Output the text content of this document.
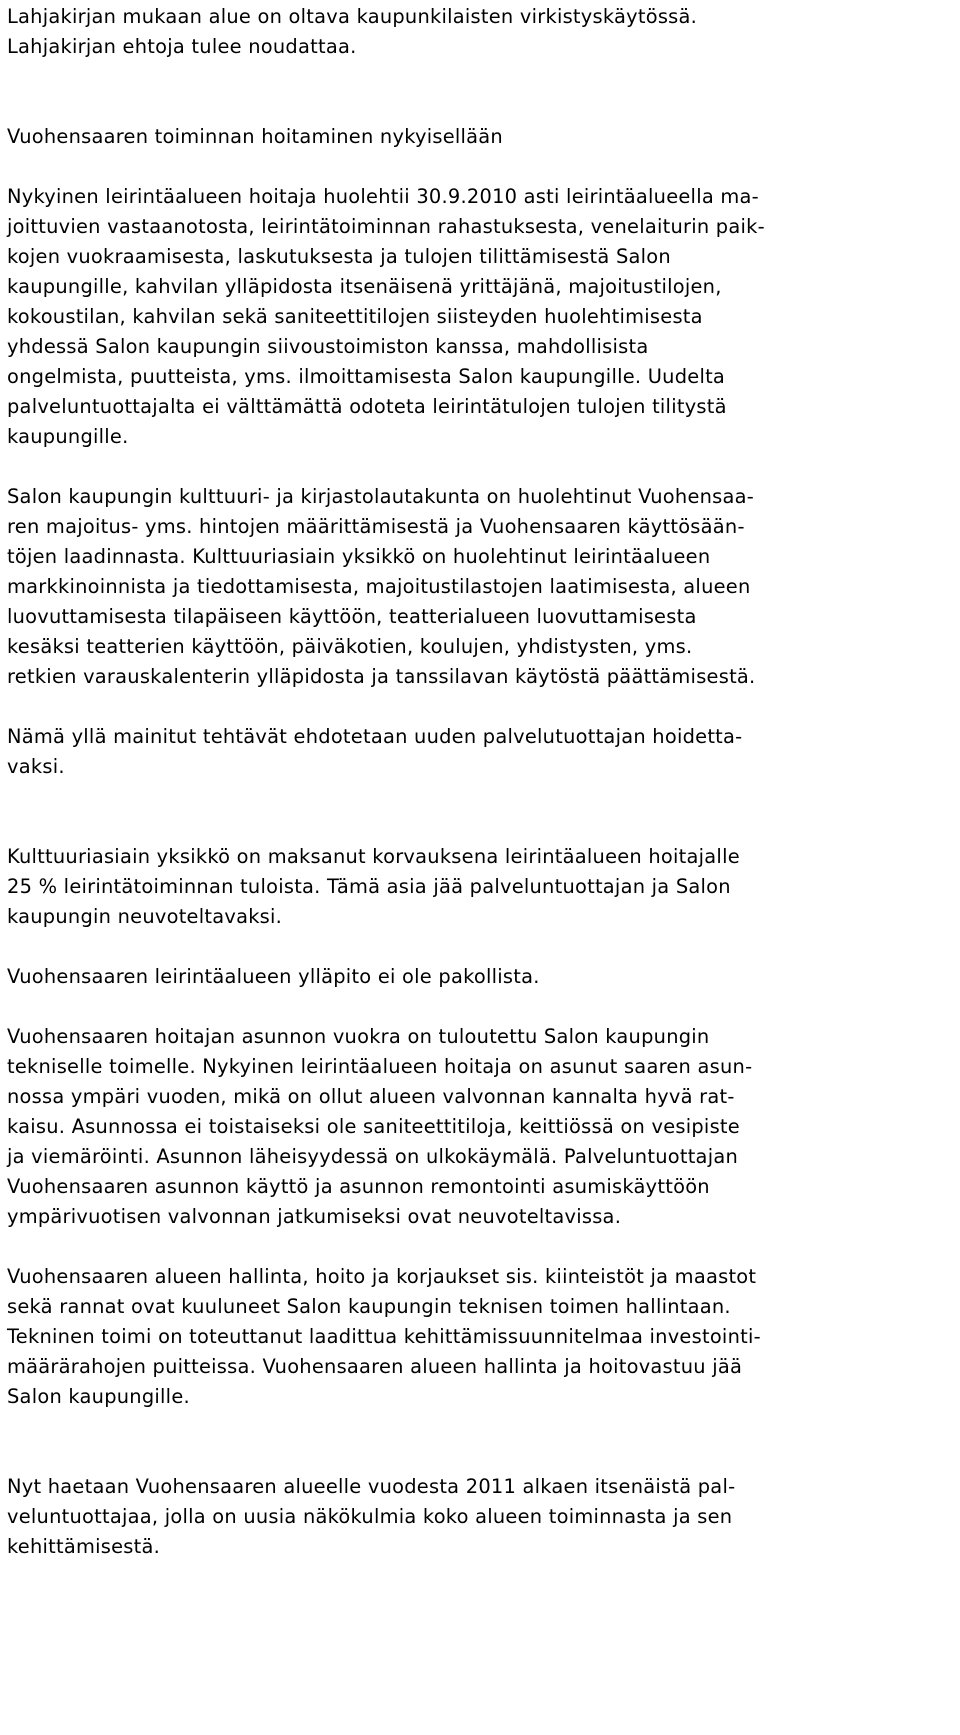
Lahjakirjan mukaan alue on oltava kaupunkilaisten virkistyskäytössä.

Lahjakirjan ehtoja tulee noudattaa.

Vuohensaaren toiminnan hoitaminen nykyisellään

Nykyinen leirintäalueen hoitaja huolehtii 30.9.2010 asti leirintäalueella ma-

joittuvien vastaanotosta, leirintätoiminnan rahastuksesta, venelaiturin paik-

kojen vuokraamisesta, laskutuksesta ja tulojen tilittämisestä Salon

kaupungille, kahvilan ylläpidosta itsenäisenä yrittäjänä, majoitustilojen,

kokoustilan, kahvilan sekä saniteettitilojen siisteyden huolehtimisesta

yhdessä Salon kaupungin siivoustoimiston kanssa, mahdollisista

ongelmista, puutteista, yms. ilmoittamisesta Salon kaupungille. Uudelta

palveluntuottajalta ei välttämättä odoteta leirintätulojen tulojen tilitystä

kaupungille.

Salon kaupungin kulttuuri- ja kirjastolautakunta on huolehtinut Vuohensaa-

ren majoitus- yms. hintojen määrittämisestä ja Vuohensaaren käyttösään-

töjen laadinnasta. Kulttuuriasiain yksikkö on huolehtinut leirintäalueen

markkinoinnista ja tiedottamisesta, majoitustilastojen laatimisesta, alueen

luovuttamisesta tilapäiseen käyttöön, teatterialueen luovuttamisesta

kesäksi teatterien käyttöön, päiväkotien, koulujen, yhdistysten, yms.

retkien varauskalenterin ylläpidosta ja tanssilavan käytöstä päättämisestä.

Nämä yllä mainitut tehtävät ehdotetaan uuden palvelutuottajan hoidetta-

vaksi.

Kulttuuriasiain yksikkö on maksanut korvauksena leirintäalueen hoitajalle

25 % leirintätoiminnan tuloista. Tämä asia jää palveluntuottajan ja Salon

kaupungin neuvoteltavaksi.

Vuohensaaren leirintäalueen ylläpito ei ole pakollista.

Vuohensaaren hoitajan asunnon vuokra on tuloutettu Salon kaupungin

tekniselle toimelle. Nykyinen leirintäalueen hoitaja on asunut saaren asun-

nossa ympäri vuoden, mikä on ollut alueen valvonnan kannalta hyvä rat-

kaisu. Asunnossa ei toistaiseksi ole saniteettitiloja, keittiössä on vesipiste

ja viemäröinti. Asunnon läheisyydessä on ulkokäymälä. Palveluntuottajan

Vuohensaaren asunnon käyttö ja asunnon remontointi asumiskäyttöön

ympärivuotisen valvonnan jatkumiseksi ovat neuvoteltavissa.

Vuohensaaren alueen hallinta, hoito ja korjaukset sis. kiinteistöt ja maastot

sekä rannat ovat kuuluneet Salon kaupungin teknisen toimen hallintaan.

Tekninen toimi on toteuttanut laadittua kehittämissuunnitelmaa investointi-

määrärahojen puitteissa. Vuohensaaren alueen hallinta ja hoitovastuu jää

Salon kaupungille.

Nyt haetaan Vuohensaaren alueelle vuodesta 2011 alkaen itsenäistä pal-

veluntuottajaa, jolla on uusia näkökulmia koko alueen toiminnasta ja sen

kehittämisestä.
